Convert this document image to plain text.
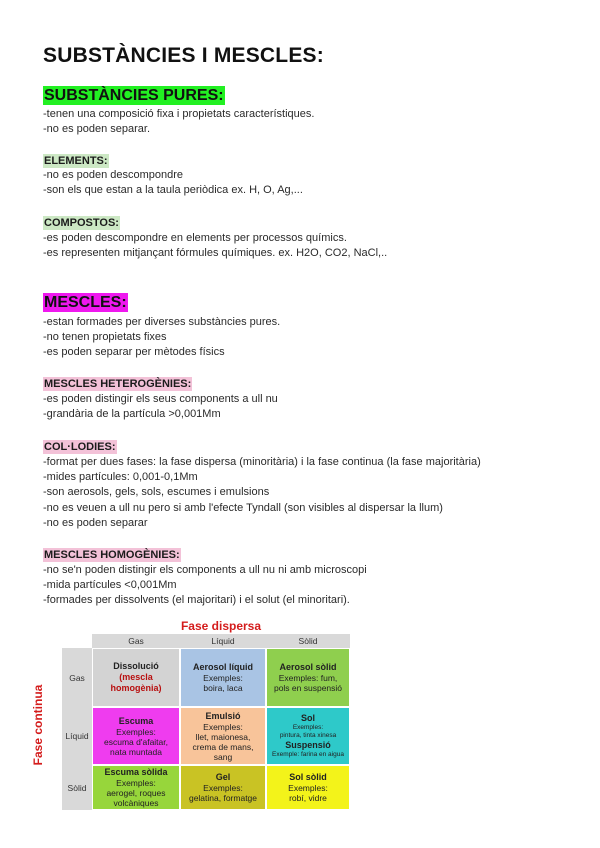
SUBSTÀNCIES I MESCLES:
SUBSTÀNCIES PURES:
-tenen una composició fixa i propietats característiques.
-no es poden separar.
ELEMENTS:
-no es poden descompondre
-son els que estan a la taula periòdica ex. H, O, Ag,...
COMPOSTOS:
-es poden descompondre en elements per processos químics.
-es representen mitjançant fórmules químiques. ex. H2O, CO2, NaCl,..
MESCLES:
-estan formades per diverses substàncies pures.
-no tenen propietats fixes
-es poden separar per mètodes físics
MESCLES HETEROGÈNIES:
-es poden distingir els seus components a ull nu
-grandària de la partícula >0,001Mm
COL·LODIES:
-format per dues fases: la fase dispersa (minoritària) i la fase continua (la fase majoritària)
-mides partícules: 0,001-0,1Mm
-son aerosols, gels, sols, escumes i emulsions
-no es veuen a ull nu pero si amb l'efecte Tyndall (son visibles al dispersar la llum)
-no es poden separar
MESCLES HOMOGÈNIES:
-no se'n poden distingir els components a ull nu ni amb microscopi
-mida partícules <0,001Mm
-formades per dissolvents (el majoritari) i el solut (el minoritari).
Fase dispersa
Fase continua
Gas	Líquid	Sòlid
Gas
Líquid
Sòlid
Dissolució
(mescla
homogènia)
Aerosol líquid
Exemples:
boira, laca
Aerosol sòlid
Exemples: fum,
pols en suspensió
Escuma
Exemples:
escuma d'afaitar,
nata muntada
Emulsió
Exemples:
llet, maionesa,
crema de mans,
sang
Sol
Exemples:
pintura, tinta xinesa
Suspensió
Exemple: farina en aigua
Escuma sòlida
Exemples:
aerogel, roques
volcàniques
Gel
Exemples:
gelatina, formatge
Sol sòlid
Exemples:
robí, vidre
